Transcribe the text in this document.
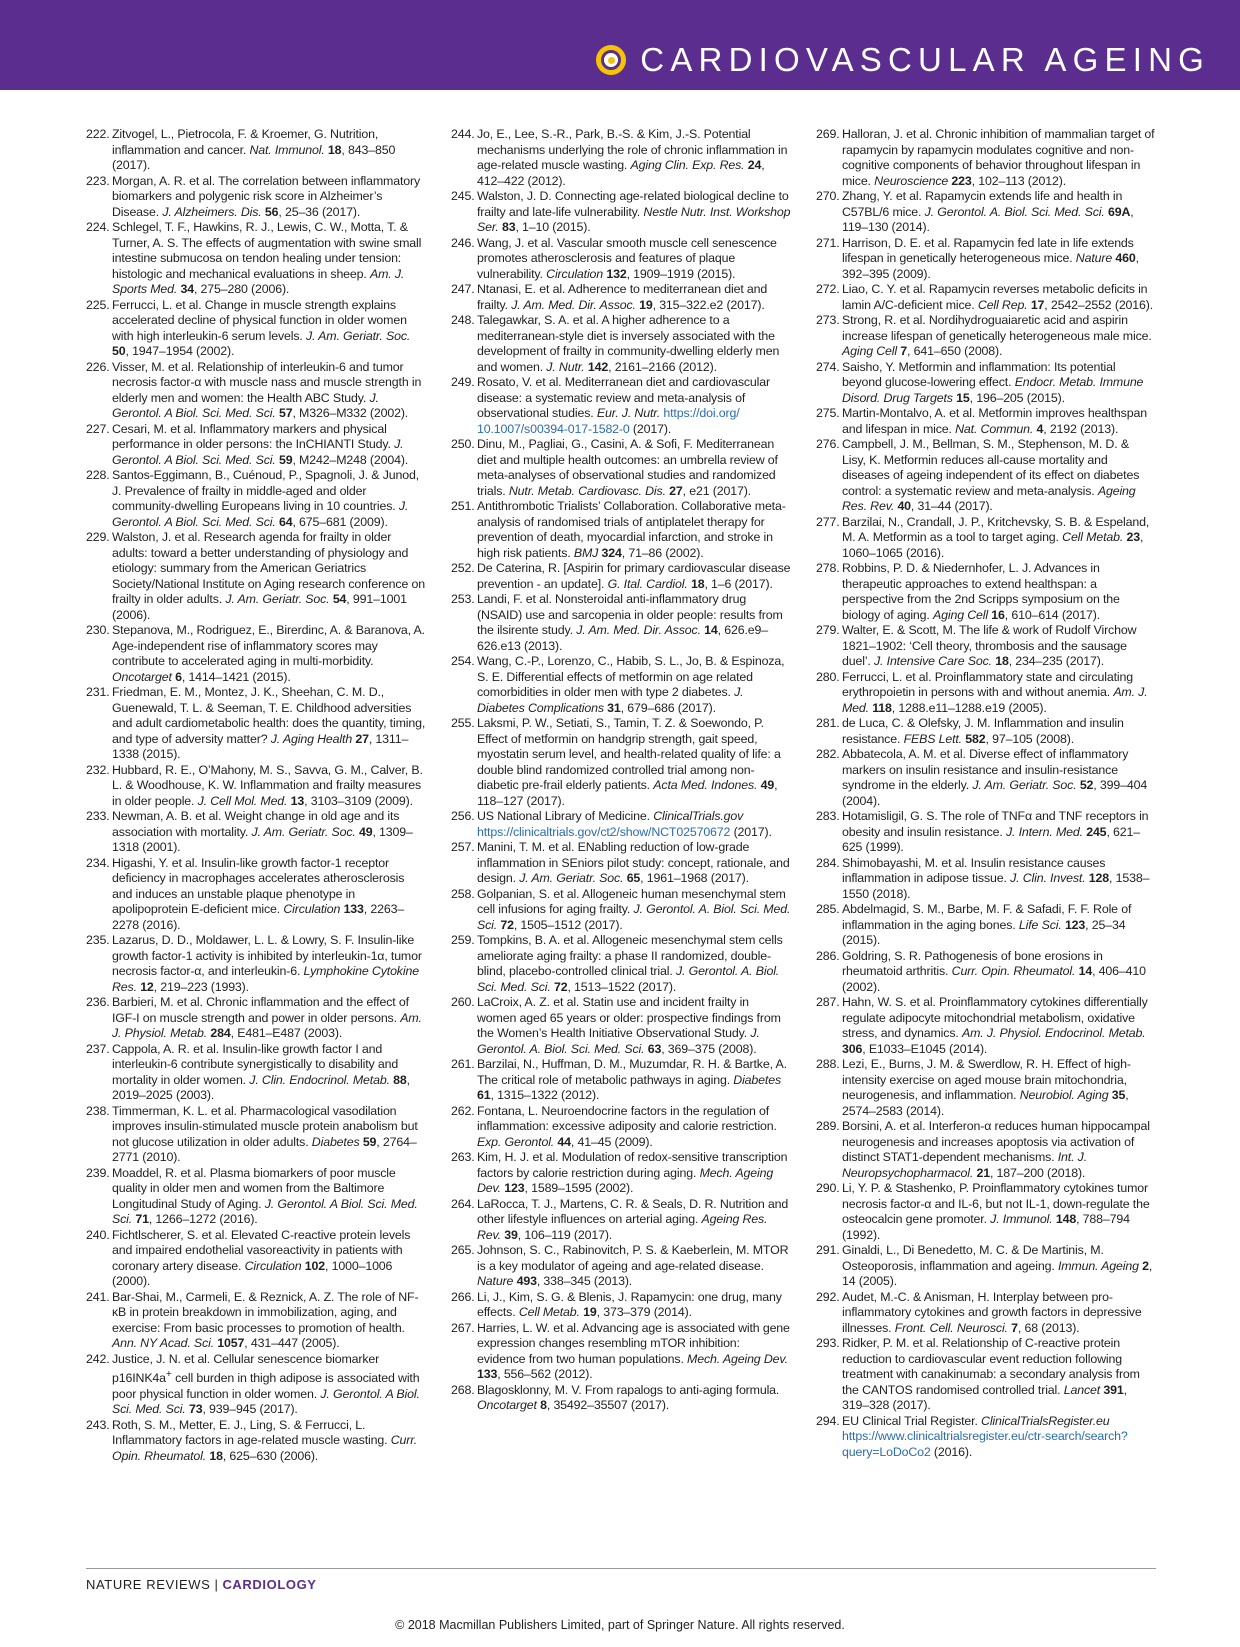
CARDIOVASCULAR AGEING
222. Zitvogel, L., Pietrocola, F. & Kroemer, G. Nutrition, inflammation and cancer. Nat. Immunol. 18, 843–850 (2017).
223. Morgan, A. R. et al. The correlation between inflammatory biomarkers and polygenic risk score in Alzheimer’s Disease. J. Alzheimers. Dis. 56, 25–36 (2017).
224. Schlegel, T. F., Hawkins, R. J., Lewis, C. W., Motta, T. & Turner, A. S. The effects of augmentation with swine small intestine submucosa on tendon healing under tension: histologic and mechanical evaluations in sheep. Am. J. Sports Med. 34, 275–280 (2006).
225. Ferrucci, L. et al. Change in muscle strength explains accelerated decline of physical function in older women with high interleukin-6 serum levels. J. Am. Geriatr. Soc. 50, 1947–1954 (2002).
226. Visser, M. et al. Relationship of interleukin-6 and tumor necrosis factor-α with muscle nass and muscle strength in elderly men and women: the Health ABC Study. J. Gerontol. A Biol. Sci. Med. Sci. 57, M326–M332 (2002).
227. Cesari, M. et al. Inflammatory markers and physical performance in older persons: the InCHIANTI Study. J. Gerontol. A Biol. Sci. Med. Sci. 59, M242–M248 (2004).
228. Santos-Eggimann, B., Cuénoud, P., Spagnoli, J. & Junod, J. Prevalence of frailty in middle-aged and older community-dwelling Europeans living in 10 countries. J. Gerontol. A Biol. Sci. Med. Sci. 64, 675–681 (2009).
229. Walston, J. et al. Research agenda for frailty in older adults: toward a better understanding of physiology and etiology: summary from the American Geriatrics Society/National Institute on Aging research conference on frailty in older adults. J. Am. Geriatr. Soc. 54, 991–1001 (2006).
230. Stepanova, M., Rodriguez, E., Birerdinc, A. & Baranova, A. Age-independent rise of inflammatory scores may contribute to accelerated aging in multi-morbidity. Oncotarget 6, 1414–1421 (2015).
231. Friedman, E. M., Montez, J. K., Sheehan, C. M. D., Guenewald, T. L. & Seeman, T. E. Childhood adversities and adult cardiometabolic health: does the quantity, timing, and type of adversity matter? J. Aging Health 27, 1311–1338 (2015).
232. Hubbard, R. E., O’Mahony, M. S., Savva, G. M., Calver, B. L. & Woodhouse, K. W. Inflammation and frailty measures in older people. J. Cell Mol. Med. 13, 3103–3109 (2009).
233. Newman, A. B. et al. Weight change in old age and its association with mortality. J. Am. Geriatr. Soc. 49, 1309–1318 (2001).
234. Higashi, Y. et al. Insulin-like growth factor-1 receptor deficiency in macrophages accelerates atherosclerosis and induces an unstable plaque phenotype in apolipoprotein E-deficient mice. Circulation 133, 2263–2278 (2016).
235. Lazarus, D. D., Moldawer, L. L. & Lowry, S. F. Insulin-like growth factor-1 activity is inhibited by interleukin-1α, tumor necrosis factor-α, and interleukin-6. Lymphokine Cytokine Res. 12, 219–223 (1993).
236. Barbieri, M. et al. Chronic inflammation and the effect of IGF-I on muscle strength and power in older persons. Am. J. Physiol. Metab. 284, E481–E487 (2003).
237. Cappola, A. R. et al. Insulin-like growth factor I and interleukin-6 contribute synergistically to disability and mortality in older women. J. Clin. Endocrinol. Metab. 88, 2019–2025 (2003).
238. Timmerman, K. L. et al. Pharmacological vasodilation improves insulin-stimulated muscle protein anabolism but not glucose utilization in older adults. Diabetes 59, 2764–2771 (2010).
239. Moaddel, R. et al. Plasma biomarkers of poor muscle quality in older men and women from the Baltimore Longitudinal Study of Aging. J. Gerontol. A Biol. Sci. Med. Sci. 71, 1266–1272 (2016).
240. Fichtlscherer, S. et al. Elevated C-reactive protein levels and impaired endothelial vasoreactivity in patients with coronary artery disease. Circulation 102, 1000–1006 (2000).
241. Bar-Shai, M., Carmeli, E. & Reznick, A. Z. The role of NF-κB in protein breakdown in immobilization, aging, and exercise: From basic processes to promotion of health. Ann. NY Acad. Sci. 1057, 431–447 (2005).
242. Justice, J. N. et al. Cellular senescence biomarker p16INK4a+ cell burden in thigh adipose is associated with poor physical function in older women. J. Gerontol. A Biol. Sci. Med. Sci. 73, 939–945 (2017).
243. Roth, S. M., Metter, E. J., Ling, S. & Ferrucci, L. Inflammatory factors in age-related muscle wasting. Curr. Opin. Rheumatol. 18, 625–630 (2006).
244. Jo, E., Lee, S.-R., Park, B.-S. & Kim, J.-S. Potential mechanisms underlying the role of chronic inflammation in age-related muscle wasting. Aging Clin. Exp. Res. 24, 412–422 (2012).
245. Walston, J. D. Connecting age-related biological decline to frailty and late-life vulnerability. Nestle Nutr. Inst. Workshop Ser. 83, 1–10 (2015).
246. Wang, J. et al. Vascular smooth muscle cell senescence promotes atherosclerosis and features of plaque vulnerability. Circulation 132, 1909–1919 (2015).
247. Ntanasi, E. et al. Adherence to mediterranean diet and frailty. J. Am. Med. Dir. Assoc. 19, 315–322.e2 (2017).
248. Talegawkar, S. A. et al. A higher adherence to a mediterranean-style diet is inversely associated with the development of frailty in community-dwelling elderly men and women. J. Nutr. 142, 2161–2166 (2012).
249. Rosato, V. et al. Mediterranean diet and cardiovascular disease: a systematic review and meta-analysis of observational studies. Eur. J. Nutr. https://doi.org/ 10.1007/s00394-017-1582-0 (2017).
250. Dinu, M., Pagliai, G., Casini, A. & Sofi, F. Mediterranean diet and multiple health outcomes: an umbrella review of meta-analyses of observational studies and randomized trials. Nutr. Metab. Cardiovasc. Dis. 27, e21 (2017).
251. Antithrombotic Trialists’ Collaboration. Collaborative meta-analysis of randomised trials of antiplatelet therapy for prevention of death, myocardial infarction, and stroke in high risk patients. BMJ 324, 71–86 (2002).
252. De Caterina, R. [Aspirin for primary cardiovascular disease prevention - an update]. G. Ital. Cardiol. 18, 1–6 (2017).
253. Landi, F. et al. Nonsteroidal anti-inflammatory drug (NSAID) use and sarcopenia in older people: results from the ilsirente study. J. Am. Med. Dir. Assoc. 14, 626.e9–626.e13 (2013).
254. Wang, C.-P., Lorenzo, C., Habib, S. L., Jo, B. & Espinoza, S. E. Differential effects of metformin on age related comorbidities in older men with type 2 diabetes. J. Diabetes Complications 31, 679–686 (2017).
255. Laksmi, P. W., Setiati, S., Tamin, T. Z. & Soewondo, P. Effect of metformin on handgrip strength, gait speed, myostatin serum level, and health-related quality of life: a double blind randomized controlled trial among non-diabetic pre-frail elderly patients. Acta Med. Indones. 49, 118–127 (2017).
256. US National Library of Medicine. ClinicalTrials.gov https://clinicaltrials.gov/ct2/show/NCT02570672 (2017).
257. Manini, T. M. et al. ENabling reduction of low-grade inflammation in SEniors pilot study: concept, rationale, and design. J. Am. Geriatr. Soc. 65, 1961–1968 (2017).
258. Golpanian, S. et al. Allogeneic human mesenchymal stem cell infusions for aging frailty. J. Gerontol. A. Biol. Sci. Med. Sci. 72, 1505–1512 (2017).
259. Tompkins, B. A. et al. Allogeneic mesenchymal stem cells ameliorate aging frailty: a phase II randomized, double-blind, placebo-controlled clinical trial. J. Gerontol. A. Biol. Sci. Med. Sci. 72, 1513–1522 (2017).
260. LaCroix, A. Z. et al. Statin use and incident frailty in women aged 65 years or older: prospective findings from the Women’s Health Initiative Observational Study. J. Gerontol. A. Biol. Sci. Med. Sci. 63, 369–375 (2008).
261. Barzilai, N., Huffman, D. M., Muzumdar, R. H. & Bartke, A. The critical role of metabolic pathways in aging. Diabetes 61, 1315–1322 (2012).
262. Fontana, L. Neuroendocrine factors in the regulation of inflammation: excessive adiposity and calorie restriction. Exp. Gerontol. 44, 41–45 (2009).
263. Kim, H. J. et al. Modulation of redox-sensitive transcription factors by calorie restriction during aging. Mech. Ageing Dev. 123, 1589–1595 (2002).
264. LaRocca, T. J., Martens, C. R. & Seals, D. R. Nutrition and other lifestyle influences on arterial aging. Ageing Res. Rev. 39, 106–119 (2017).
265. Johnson, S. C., Rabinovitch, P. S. & Kaeberlein, M. MTOR is a key modulator of ageing and age-related disease. Nature 493, 338–345 (2013).
266. Li, J., Kim, S. G. & Blenis, J. Rapamycin: one drug, many effects. Cell Metab. 19, 373–379 (2014).
267. Harries, L. W. et al. Advancing age is associated with gene expression changes resembling mTOR inhibition: evidence from two human populations. Mech. Ageing Dev. 133, 556–562 (2012).
268. Blagosklonny, M. V. From rapalogs to anti-aging formula. Oncotarget 8, 35492–35507 (2017).
269. Halloran, J. et al. Chronic inhibition of mammalian target of rapamycin by rapamycin modulates cognitive and non-cognitive components of behavior throughout lifespan in mice. Neuroscience 223, 102–113 (2012).
270. Zhang, Y. et al. Rapamycin extends life and health in C57BL/6 mice. J. Gerontol. A. Biol. Sci. Med. Sci. 69A, 119–130 (2014).
271. Harrison, D. E. et al. Rapamycin fed late in life extends lifespan in genetically heterogeneous mice. Nature 460, 392–395 (2009).
272. Liao, C. Y. et al. Rapamycin reverses metabolic deficits in lamin A/C-deficient mice. Cell Rep. 17, 2542–2552 (2016).
273. Strong, R. et al. Nordihydroguaiaretic acid and aspirin increase lifespan of genetically heterogeneous male mice. Aging Cell 7, 641–650 (2008).
274. Saisho, Y. Metformin and inflammation: Its potential beyond glucose-lowering effect. Endocr. Metab. Immune Disord. Drug Targets 15, 196–205 (2015).
275. Martin-Montalvo, A. et al. Metformin improves healthspan and lifespan in mice. Nat. Commun. 4, 2192 (2013).
276. Campbell, J. M., Bellman, S. M., Stephenson, M. D. & Lisy, K. Metformin reduces all-cause mortality and diseases of ageing independent of its effect on diabetes control: a systematic review and meta-analysis. Ageing Res. Rev. 40, 31–44 (2017).
277. Barzilai, N., Crandall, J. P., Kritchevsky, S. B. & Espeland, M. A. Metformin as a tool to target aging. Cell Metab. 23, 1060–1065 (2016).
278. Robbins, P. D. & Niedernhofer, L. J. Advances in therapeutic approaches to extend healthspan: a perspective from the 2nd Scripps symposium on the biology of aging. Aging Cell 16, 610–614 (2017).
279. Walter, E. & Scott, M. The life & work of Rudolf Virchow 1821–1902: ‘Cell theory, thrombosis and the sausage duel’. J. Intensive Care Soc. 18, 234–235 (2017).
280. Ferrucci, L. et al. Proinflammatory state and circulating erythropoietin in persons with and without anemia. Am. J. Med. 118, 1288.e11–1288.e19 (2005).
281. de Luca, C. & Olefsky, J. M. Inflammation and insulin resistance. FEBS Lett. 582, 97–105 (2008).
282. Abbatecola, A. M. et al. Diverse effect of inflammatory markers on insulin resistance and insulin-resistance syndrome in the elderly. J. Am. Geriatr. Soc. 52, 399–404 (2004).
283. Hotamisligil, G. S. The role of TNFα and TNF receptors in obesity and insulin resistance. J. Intern. Med. 245, 621–625 (1999).
284. Shimobayashi, M. et al. Insulin resistance causes inflammation in adipose tissue. J. Clin. Invest. 128, 1538–1550 (2018).
285. Abdelmagid, S. M., Barbe, M. F. & Safadi, F. F. Role of inflammation in the aging bones. Life Sci. 123, 25–34 (2015).
286. Goldring, S. R. Pathogenesis of bone erosions in rheumatoid arthritis. Curr. Opin. Rheumatol. 14, 406–410 (2002).
287. Hahn, W. S. et al. Proinflammatory cytokines differentially regulate adipocyte mitochondrial metabolism, oxidative stress, and dynamics. Am. J. Physiol. Endocrinol. Metab. 306, E1033–E1045 (2014).
288. Lezi, E., Burns, J. M. & Swerdlow, R. H. Effect of high-intensity exercise on aged mouse brain mitochondria, neurogenesis, and inflammation. Neurobiol. Aging 35, 2574–2583 (2014).
289. Borsini, A. et al. Interferon-α reduces human hippocampal neurogenesis and increases apoptosis via activation of distinct STAT1-dependent mechanisms. Int. J. Neuropsychopharmacol. 21, 187–200 (2018).
290. Li, Y. P. & Stashenko, P. Proinflammatory cytokines tumor necrosis factor-α and IL-6, but not IL-1, down-regulate the osteocalcin gene promoter. J. Immunol. 148, 788–794 (1992).
291. Ginaldi, L., Di Benedetto, M. C. & De Martinis, M. Osteoporosis, inflammation and ageing. Immun. Ageing 2, 14 (2005).
292. Audet, M.-C. & Anisman, H. Interplay between pro-inflammatory cytokines and growth factors in depressive illnesses. Front. Cell. Neurosci. 7, 68 (2013).
293. Ridker, P. M. et al. Relationship of C-reactive protein reduction to cardiovascular event reduction following treatment with canakinumab: a secondary analysis from the CANTOS randomised controlled trial. Lancet 391, 319–328 (2017).
294. EU Clinical Trial Register. ClinicalTrialsRegister.eu https://www.clinicaltrialsregister.eu/ctr-search/search? query=LoDoCo2 (2016).
NATURE REVIEWS | CARDIOLOGY
© 2018 Macmillan Publishers Limited, part of Springer Nature. All rights reserved.
